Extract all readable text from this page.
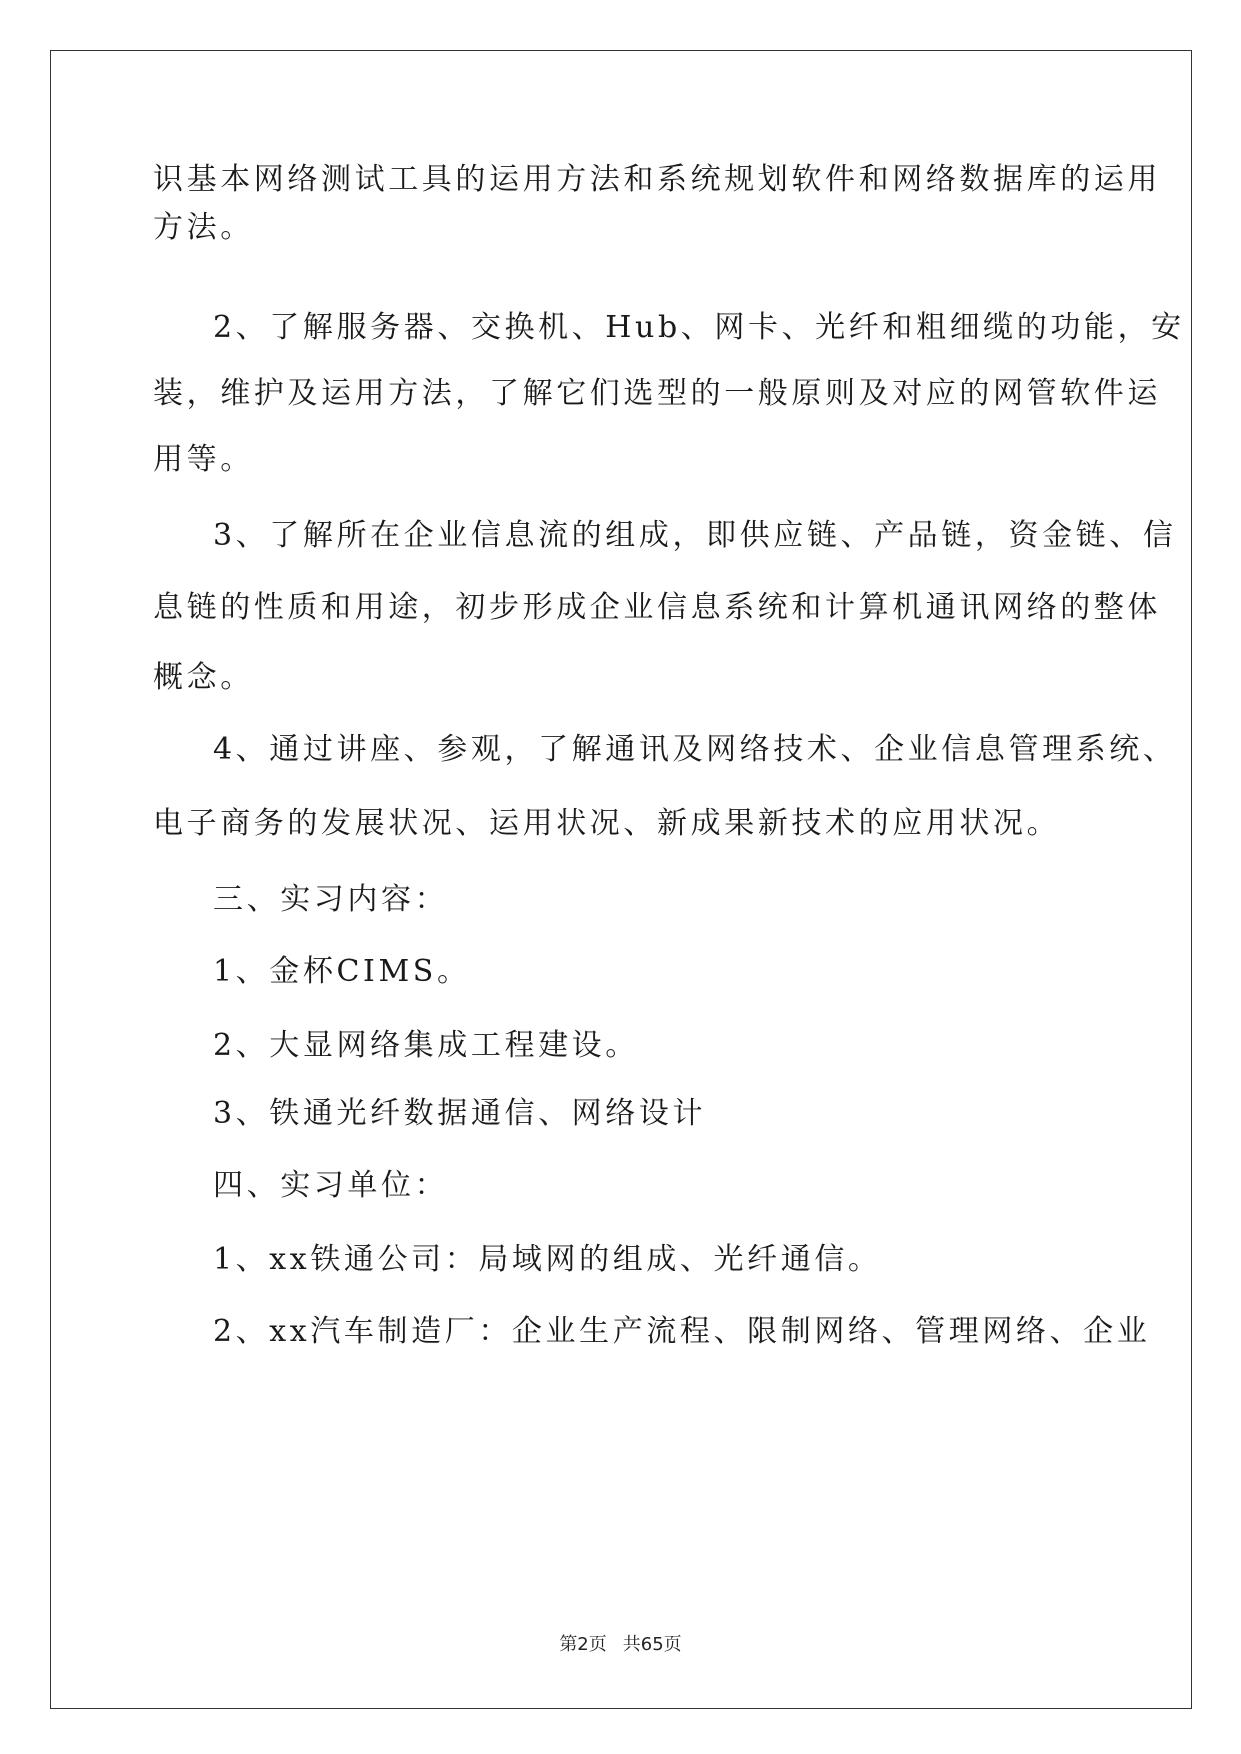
识基本网络测试工具的运用方法和系统规划软件和网络数据库的运用
方法。
2、了解服务器、交换机、Hub、网卡、光纤和粗细缆的功能，安
装，维护及运用方法，了解它们选型的一般原则及对应的网管软件运
用等。
3、了解所在企业信息流的组成，即供应链、产品链，资金链、信
息链的性质和用途，初步形成企业信息系统和计算机通讯网络的整体
概念。
4、通过讲座、参观，了解通讯及网络技术、企业信息管理系统、
电子商务的发展状况、运用状况、新成果新技术的应用状况。
三、实习内容：
1、金杯CIMS。
2、大显网络集成工程建设。
3、铁通光纤数据通信、网络设计
四、实习单位：
1、xx铁通公司：局域网的组成、光纤通信。
2、xx汽车制造厂：企业生产流程、限制网络、管理网络、企业
第2页 共65页
